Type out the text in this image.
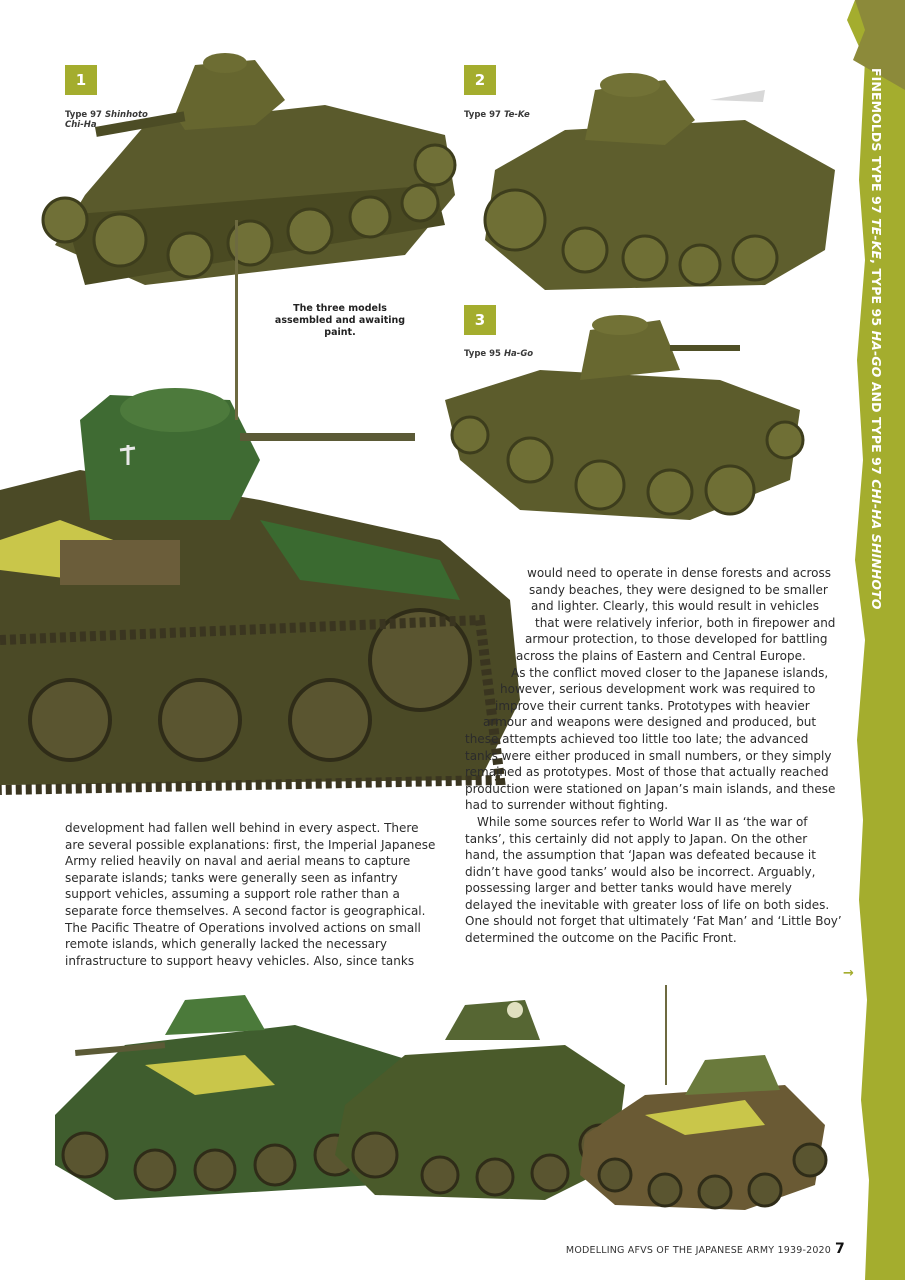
FINEMOLDS TYPE 97 TE-KE, TYPE 95 HA-GO AND TYPE 97 CHI-HA SHINHOTO
1
Type 97 Shinhoto
Chi-Ha
2
Type 97 Te-Ke
The three models assembled and awaiting paint.
3
Type 95 Ha-Go
would need to operate in dense forests and across
sandy beaches, they were designed to be smaller
and lighter. Clearly, this would result in vehicles
that were relatively inferior, both in firepower and
armour protection, to those developed for battling
across the plains of Eastern and Central Europe.
As the conflict moved closer to the Japanese islands,
however, serious development work was required to
improve their current tanks. Prototypes with heavier
armour and weapons were designed and produced, but
these attempts achieved too little too late; the advanced
tanks were either produced in small numbers, or they simply
remained as prototypes. Most of those that actually reached
production were stationed on Japan’s main islands, and these
had to surrender without fighting.
While some sources refer to World War II as ‘the war of
tanks’, this certainly did not apply to Japan. On the other
hand, the assumption that ‘Japan was defeated because it
didn’t have good tanks’ would also be incorrect. Arguably,
possessing larger and better tanks would have merely
delayed the inevitable with greater loss of life on both sides.
One should not forget that ultimately ‘Fat Man’ and ‘Little Boy’
determined the outcome on the Pacific Front.
→
development had fallen well behind in every aspect. There
are several possible explanations: first, the Imperial Japanese
Army relied heavily on naval and aerial means to capture
separate islands; tanks were generally seen as infantry
support vehicles, assuming a support role rather than a
separate force themselves. A second factor is geographical.
The Pacific Theatre of Operations involved actions on small
remote islands, which generally lacked the necessary
infrastructure to support heavy vehicles. Also, since tanks
MODELLING AFVS OF THE JAPANESE ARMY 1939-2020 7
